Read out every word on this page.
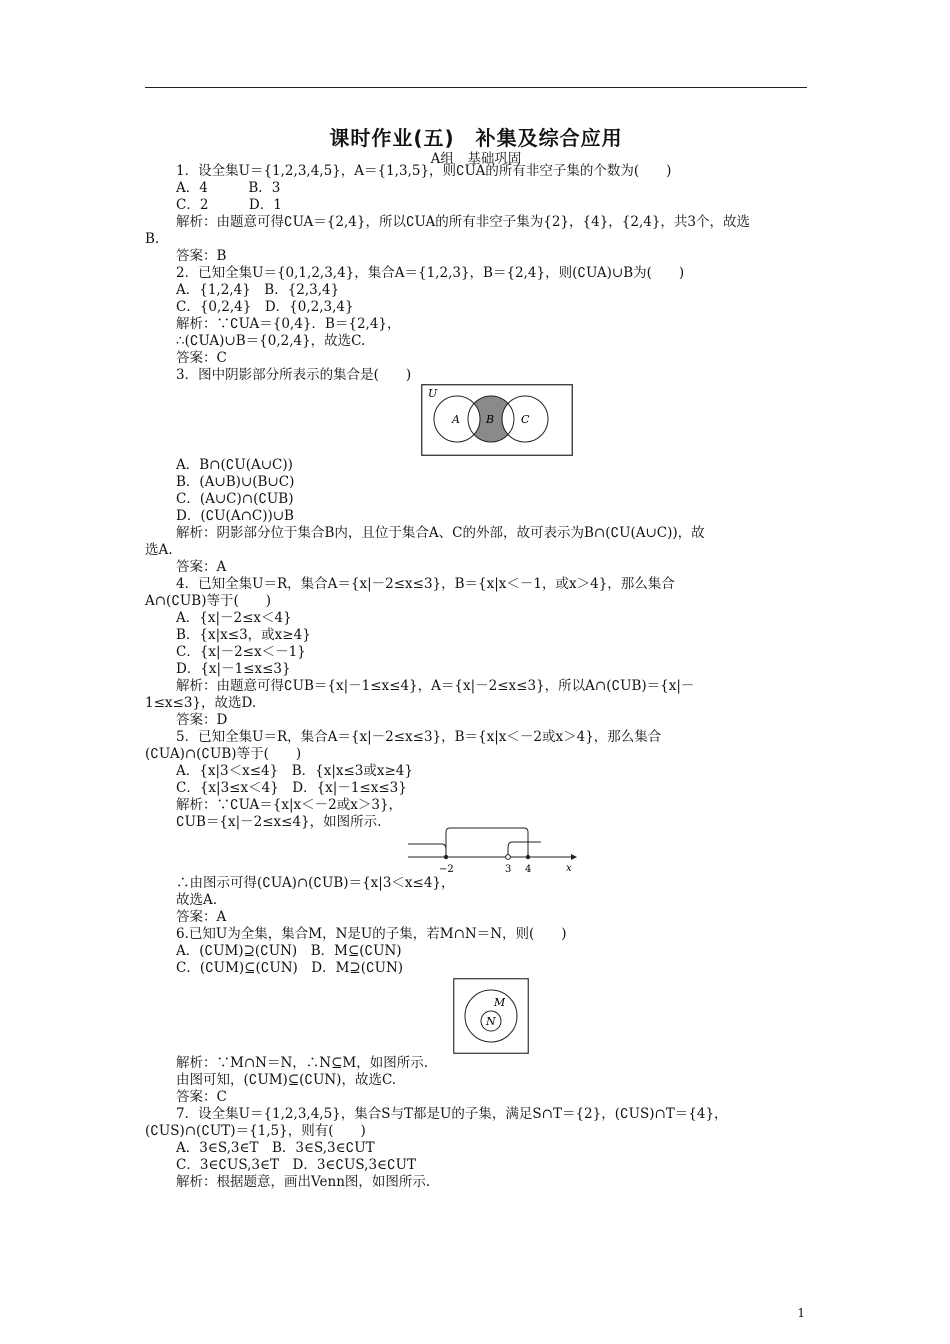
课时作业(五)　补集及综合应用
A组　基础巩固
1．设全集U＝{1,2,3,4,5}，A＝{1,3,5}，则∁UA的所有非空子集的个数为(　　)
A．4　　　B．3
C．2　　　D．1
解析：由题意可得∁UA＝{2,4}，所以∁UA的所有非空子集为{2}，{4}，{2,4}，共3个，故选
B.
答案：B
2．已知全集U＝{0,1,2,3,4}，集合A＝{1,2,3}，B＝{2,4}，则(∁UA)∪B为(　　)
A．{1,2,4}　B．{2,3,4}
C．{0,2,4}　D．{0,2,3,4}
解析：∵∁UA＝{0,4}．B＝{2,4}，
∴(∁UA)∪B＝{0,2,4}，故选C.
答案：C
3．图中阴影部分所表示的集合是(　　)
U
A B C
A．B∩(∁U(A∪C))
B．(A∪B)∪(B∪C)
C．(A∪C)∩(∁UB)
D．(∁U(A∩C))∪B
解析：阴影部分位于集合B内，且位于集合A、C的外部，故可表示为B∩(∁U(A∪C))，故
选A.
答案：A
4．已知全集U＝R，集合A＝{x|－2≤x≤3}，B＝{x|x＜－1，或x＞4}，那么集合
A∩(∁UB)等于(　　)
A．{x|－2≤x＜4}
B．{x|x≤3，或x≥4}
C．{x|－2≤x＜－1}
D．{x|－1≤x≤3}
解析：由题意可得∁UB＝{x|－1≤x≤4}，A＝{x|－2≤x≤3}，所以A∩(∁UB)＝{x|－
1≤x≤3}，故选D.
答案：D
5．已知全集U＝R，集合A＝{x|－2≤x≤3}，B＝{x|x＜－2或x＞4}，那么集合
(∁UA)∩(∁UB)等于(　　)
A．{x|3＜x≤4}　B．{x|x≤3或x≥4}
C．{x|3≤x＜4}　D．{x|－1≤x≤3}
解析：∵∁UA＝{x|x＜－2或x＞3}，
∁UB＝{x|－2≤x≤4}，如图所示.
−2	3 4	x
∴由图示可得(∁UA)∩(∁UB)＝{x|3＜x≤4}，
故选A.
答案：A
6.已知U为全集，集合M，N是U的子集，若M∩N＝N，则(　　)
A．(∁UM)⊇(∁UN)　B．M⊆(∁UN)
C．(∁UM)⊆(∁UN)　D．M⊇(∁UN)
M
N
解析：∵M∩N＝N，∴N⊆M，如图所示.
由图可知，(∁UM)⊆(∁UN)，故选C.
答案：C
7．设全集U＝{1,2,3,4,5}，集合S与T都是U的子集，满足S∩T＝{2}，(∁US)∩T＝{4}，
(∁US)∩(∁UT)＝{1,5}，则有(　　)
A．3∈S,3∈T　B．3∈S,3∈∁UT
C．3∈∁US,3∈T　D．3∈∁US,3∈∁UT
解析：根据题意，画出Venn图，如图所示.
1
